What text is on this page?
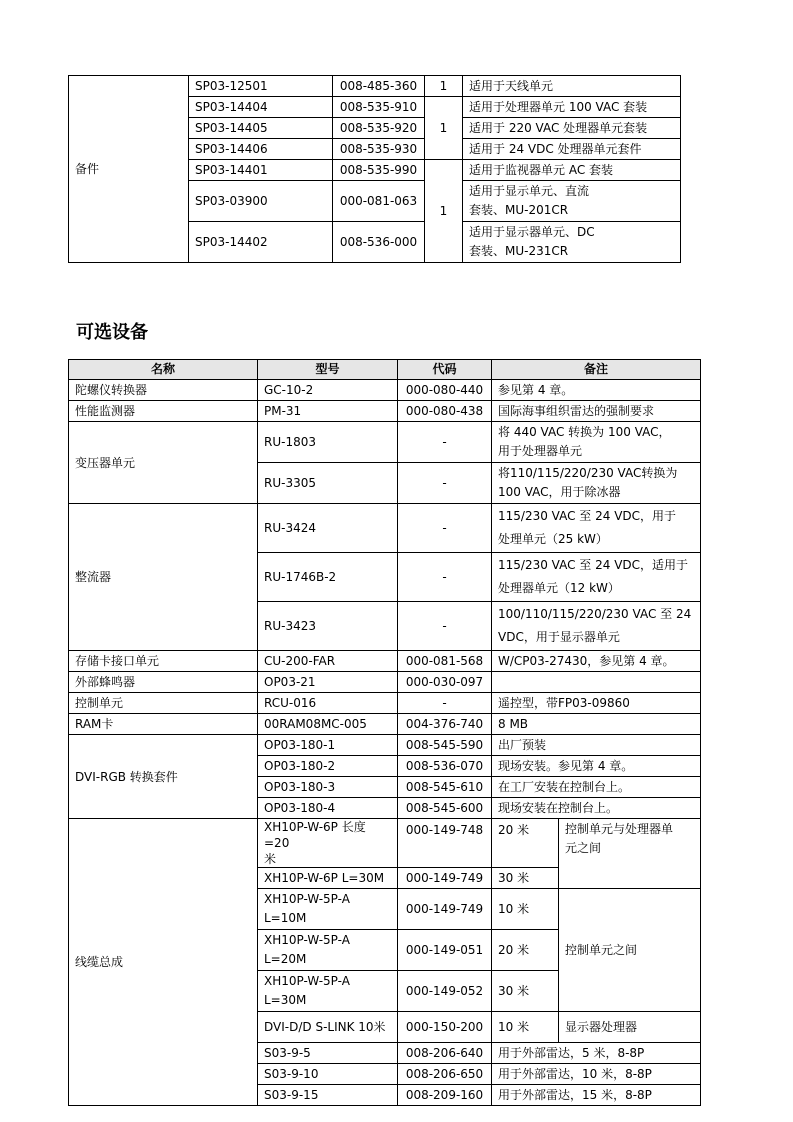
备件	SP03-12501	008-485-360	1	适用于天线单元
	SP03-14404	008-535-910	1	适用于处理器单元 100 VAC 套装
	SP03-14405	008-535-920		适用于 220 VAC 处理器单元套装
	SP03-14406	008-535-930		适用于 24 VDC 处理器单元套件
	SP03-14401	008-535-990	1	适用于监视器单元 AC 套装
	SP03-03900	000-081-063		适用于显示单元、直流
套装、MU-201CR
	SP03-14402	008-536-000		适用于显示器单元、DC
套装、MU-231CR
可选设备
名称	型号	代码	备注	
陀螺仪转换器	GC-10-2	000-080-440	参见第 4 章。	
性能监测器	PM-31	000-080-438	国际海事组织雷达的强制要求	
变压器单元	RU-1803	-	将 440 VAC 转换为 100 VAC，
用于处理器单元	
	RU-3305	-	将110/115/220/230 VAC转换为
100 VAC，用于除冰器	
整流器	RU-3424	-	115/230 VAC 至 24 VDC，用于
处理单元（25 kW）	
	RU-1746B-2	-	115/230 VAC 至 24 VDC，适用于
处理器单元（12 kW）	
	RU-3423	-	100/110/115/220/230 VAC 至 24
VDC，用于显示器单元	
存储卡接口单元	CU-200-FAR	000-081-568	W/CP03-27430，参见第 4 章。	
外部蜂鸣器	OP03-21	000-030-097		
控制单元	RCU-016	-	遥控型，带FP03-09860	
RAM卡	00RAM08MC-005	004-376-740	8 MB	
DVI-RGB 转换套件	OP03-180-1	008-545-590	出厂预装	
	OP03-180-2	008-536-070	现场安装。参见第 4 章。	
	OP03-180-3	008-545-610	在工厂安装在控制台上。	
	OP03-180-4	008-545-600	现场安装在控制台上。	
线缆总成	XH10P-W-6P 长度=20
米	000-149-748	20 米	控制单元与处理器单
元之间
	XH10P-W-6P L=30M	000-149-749	30 米	
	XH10P-W-5P-A
L=10M	000-149-749	10 米	控制单元之间
	XH10P-W-5P-A
L=20M	000-149-051	20 米	
	XH10P-W-5P-A
L=30M	000-149-052	30 米	
	DVI-D/D S-LINK 10米	000-150-200	10 米	显示器处理器
	S03-9-5	008-206-640	用于外部雷达，5 米，8-8P	
	S03-9-10	008-206-650	用于外部雷达，10 米，8-8P	
	S03-9-15	008-209-160	用于外部雷达，15 米，8-8P	
